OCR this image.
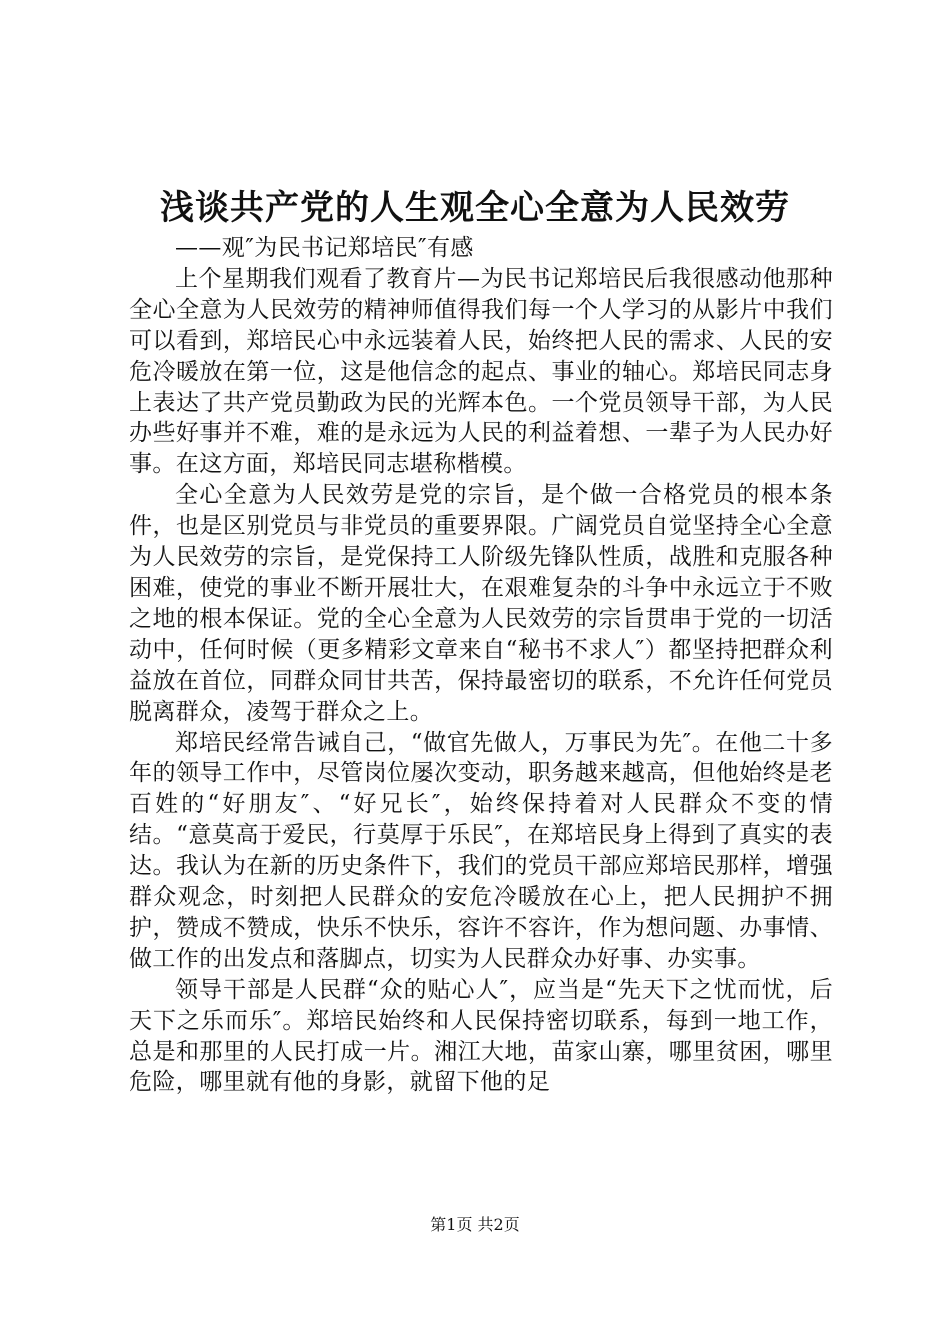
浅谈共产党的人生观全心全意为人民效劳

——观″为民书记郑培民″有感

上个星期我们观看了教育片—为民书记郑培民后我很感动他那种全心全意为人民效劳的精神师值得我们每一个人学习的从影片中我们可以看到，郑培民心中永远装着人民，始终把人民的需求、人民的安危冷暖放在第一位，这是他信念的起点、事业的轴心。郑培民同志身上表达了共产党员勤政为民的光辉本色。一个党员领导干部，为人民办些好事并不难，难的是永远为人民的利益着想、一辈子为人民办好事。在这方面，郑培民同志堪称楷模。

全心全意为人民效劳是党的宗旨，是个做一合格党员的根本条件，也是区别党员与非党员的重要界限。广阔党员自觉坚持全心全意为人民效劳的宗旨，是党保持工人阶级先锋队性质，战胜和克服各种困难，使党的事业不断开展壮大，在艰难复杂的斗争中永远立于不败之地的根本保证。党的全心全意为人民效劳的宗旨贯串于党的一切活动中，任何时候（更多精彩文章来自“秘书不求人″）都坚持把群众利益放在首位，同群众同甘共苦，保持最密切的联系，不允许任何党员脱离群众，凌驾于群众之上。

郑培民经常告诫自己，“做官先做人，万事民为先″。在他二十多年的领导工作中，尽管岗位屡次变动，职务越来越高，但他始终是老百姓的“好朋友″、“好兄长″，始终保持着对人民群众不变的情结。“意莫高于爱民，行莫厚于乐民″，在郑培民身上得到了真实的表达。我认为在新的历史条件下，我们的党员干部应郑培民那样，增强群众观念，时刻把人民群众的安危冷暖放在心上，把人民拥护不拥护，赞成不赞成，快乐不快乐，容许不容许，作为想问题、办事情、做工作的出发点和落脚点，切实为人民群众办好事、办实事。

领导干部是人民群“众的贴心人″，应当是“先天下之忧而忧，后天下之乐而乐″。郑培民始终和人民保持密切联系，每到一地工作，总是和那里的人民打成一片。湘江大地，苗家山寨，哪里贫困，哪里危险，哪里就有他的身影，就留下他的足

第1页 共2页
